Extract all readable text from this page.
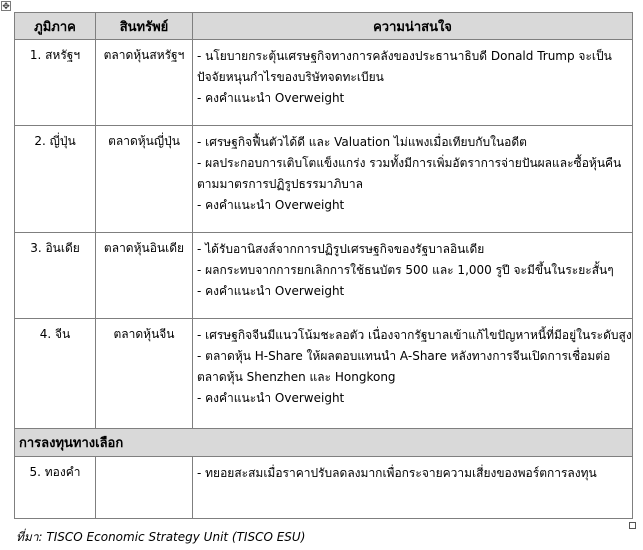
✥
ภูมิภาค	สินทรัพย์	ความน่าสนใจ
1. สหรัฐฯ	ตลาดหุ้นสหรัฐฯ	- นโยบายกระตุ้นเศรษฐกิจทางการคลังของประธานาธิบดี Donald Trump จะเป็น
ปัจจัยหนุนกำไรของบริษัทจดทะเบียน
- คงคำแนะนำ Overweight

2. ญี่ปุ่น	ตลาดหุ้นญี่ปุ่น	- เศรษฐกิจฟื้นตัวได้ดี และ Valuation ไม่แพงเมื่อเทียบกับในอดีต
- ผลประกอบการเติบโตแข็งแกร่ง รวมทั้งมีการเพิ่มอัตราการจ่ายปันผลและซื้อหุ้นคืน
ตามมาตรการปฏิรูปธรรมาภิบาล
- คงคำแนะนำ Overweight

3. อินเดีย	ตลาดหุ้นอินเดีย	- ได้รับอานิสงส์จากการปฏิรูปเศรษฐกิจของรัฐบาลอินเดีย
- ผลกระทบจากการยกเลิกการใช้ธนบัตร 500 และ 1,000 รูปี จะมีขึ้นในระยะสั้นๆ
- คงคำแนะนำ Overweight

4. จีน	ตลาดหุ้นจีน	- เศรษฐกิจจีนมีแนวโน้มชะลอตัว เนื่องจากรัฐบาลเข้าแก้ไขปัญหาหนี้ที่มีอยู่ในระดับสูง
- ตลาดหุ้น H-Share ให้ผลตอบแทนนำ A-Share หลังทางการจีนเปิดการเชื่อมต่อ
ตลาดหุ้น Shenzhen และ Hongkong
- คงคำแนะนำ Overweight

การลงทุนทางเลือก		
5. ทองคำ		- ทยอยสะสมเมื่อราคาปรับลดลงมากเพื่อกระจายความเสี่ยงของพอร์ตการลงทุน
ที่มา: TISCO Economic Strategy Unit (TISCO ESU)
